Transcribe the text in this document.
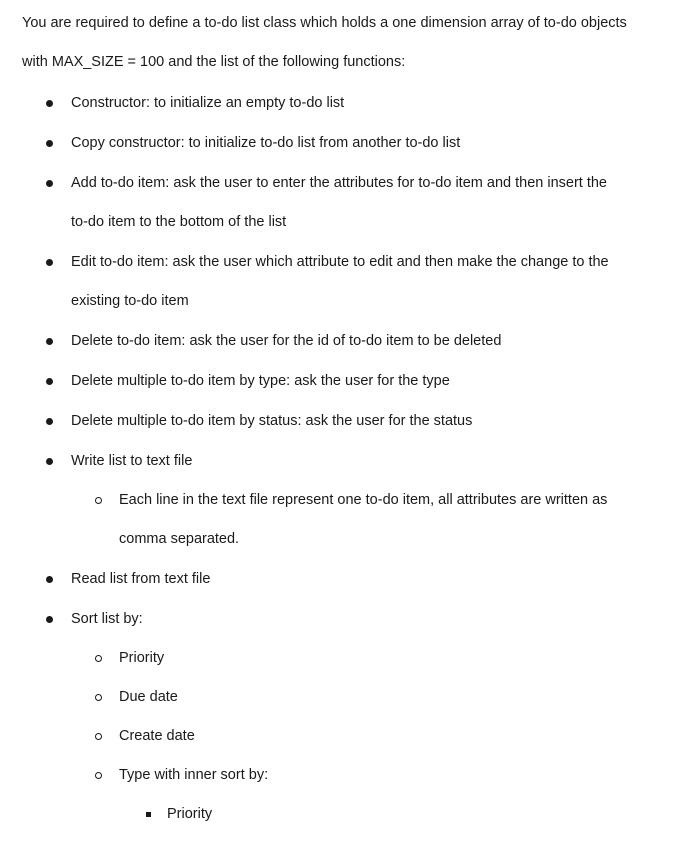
You are required to define a to-do list class which holds a one dimension array of to-do objects
with MAX_SIZE = 100 and the list of the following functions:
Constructor: to initialize an empty to-do list
Copy constructor: to initialize to-do list from another to-do list
Add to-do item: ask the user to enter the attributes for to-do item and then insert the
to-do item to the bottom of the list
Edit to-do item: ask the user which attribute to edit and then make the change to the
existing to-do item
Delete to-do item: ask the user for the id of to-do item to be deleted
Delete multiple to-do item by type: ask the user for the type
Delete multiple to-do item by status: ask the user for the status
Write list to text file
Each line in the text file represent one to-do item, all attributes are written as
comma separated.
Read list from text file
Sort list by:
Priority
Due date
Create date
Type with inner sort by:
Priority
